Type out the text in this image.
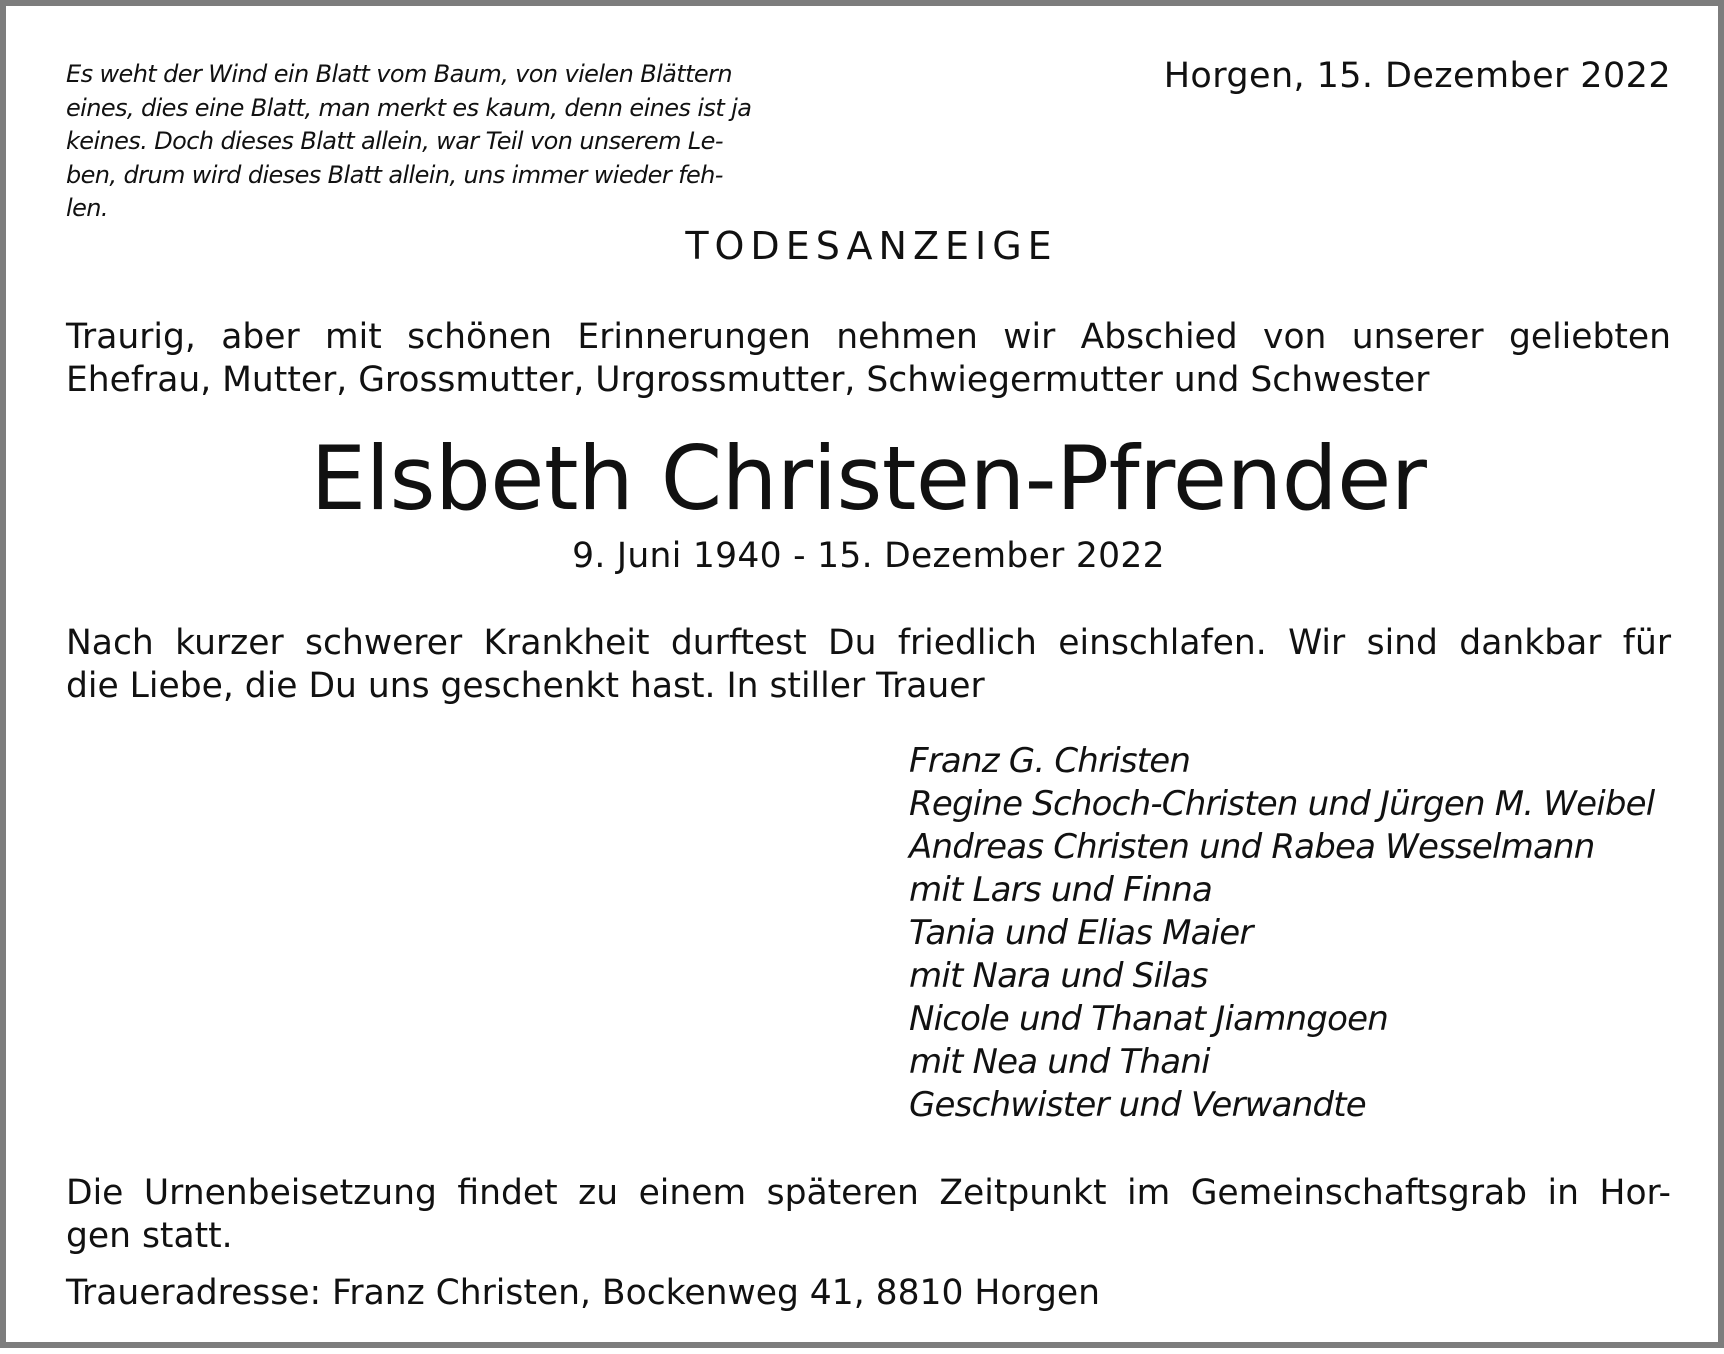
Es weht der Wind ein Blatt vom Baum, von vielen Blättern
eines, dies eine Blatt, man merkt es kaum, denn eines ist ja
keines. Doch dieses Blatt allein, war Teil von unserem Le-
ben, drum wird dieses Blatt allein, uns immer wieder feh-
len.
Horgen, 15. Dezember 2022
TODESANZEIGE
Traurig, aber mit schönen Erinnerungen nehmen wir Abschied von unserer geliebten
Ehefrau, Mutter, Grossmutter, Urgrossmutter, Schwiegermutter und Schwester
Elsbeth Christen-Pfrender
9. Juni 1940 - 15. Dezember 2022
Nach kurzer schwerer Krankheit durftest Du friedlich einschlafen. Wir sind dankbar für
die Liebe, die Du uns geschenkt hast. In stiller Trauer
Franz G. Christen
Regine Schoch-Christen und Jürgen M. Weibel
Andreas Christen und Rabea Wesselmann
mit Lars und Finna
Tania und Elias Maier
mit Nara und Silas
Nicole und Thanat Jiamngoen
mit Nea und Thani
Geschwister und Verwandte
Die Urnenbeisetzung findet zu einem späteren Zeitpunkt im Gemeinschaftsgrab in Hor-
gen statt.
Traueradresse: Franz Christen, Bockenweg 41, 8810 Horgen
